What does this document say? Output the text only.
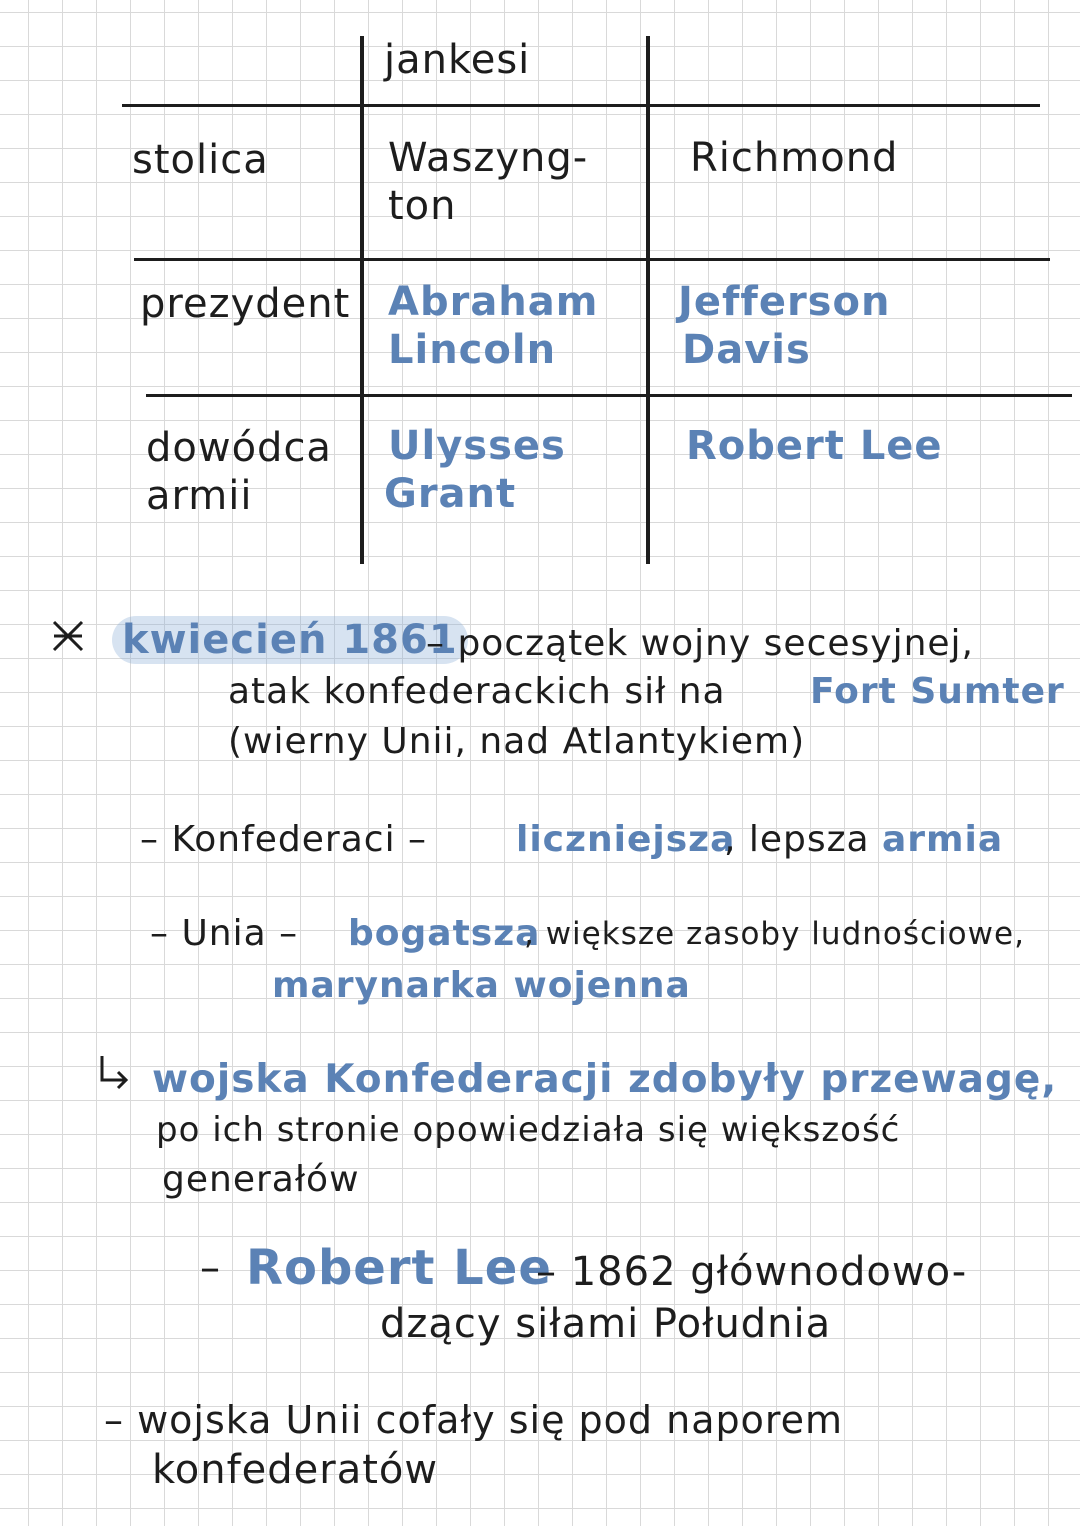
jankesi
stolica	Waszyng-
ton
Richmond
prezydent Abraham
Lincoln
Jefferson
Davis
dowódca
armii
Ulysses
Grant
Robert Lee
kwiecień 1861
– początek wojny secesyjnej,
atak konfederackich sił na Fort Sumter
(wierny Unii, nad Atlantykiem)
– Konfederaci – liczniejsza
, lepsza armia
– Unia – bogatsza
, większe zasoby ludnościowe,
marynarka wojenna
wojska Konfederacji zdobyły przewagę,
po ich stronie opowiedziała się większość
generałów
– Robert Lee
– 1862 głównodowo-
dzący siłami Południa
– wojska Unii cofały się pod naporem
konfederatów
